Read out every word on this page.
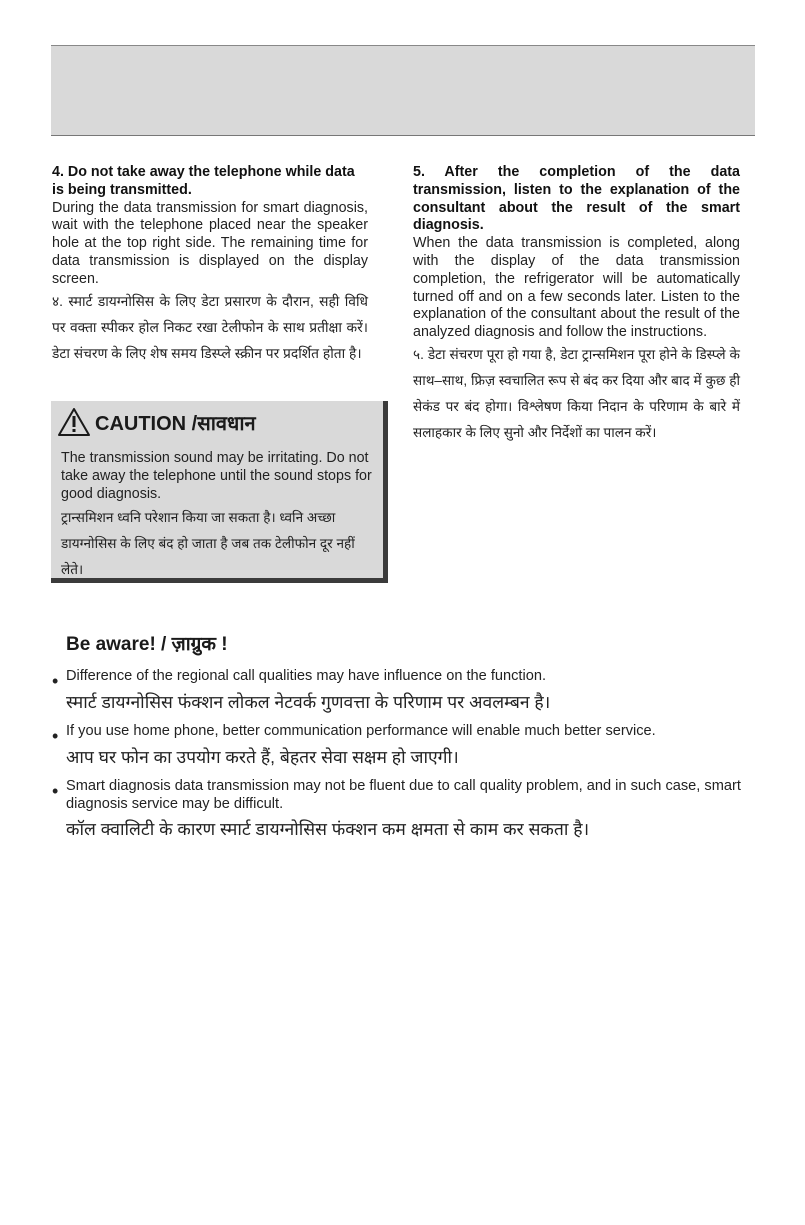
4. Do not take away the telephone while data is being transmitted.
During the data transmission for smart diagnosis, wait with the telephone placed near the speaker hole at the top right side. The remaining time for data transmission is displayed on the display screen.
४. स्मार्ट डायग्नोसिस के लिए डेटा प्रसारण के दौरान, सही विधि पर वक्ता स्पीकर होल निकट रखा टेलीफोन के साथ प्रतीक्षा करें। डेटा संचरण के लिए शेष समय डिस्प्ले स्क्रीन पर प्रदर्शित होता है।
5. After the completion of the data transmission, listen to the explanation of the consultant about the result of the smart diagnosis.
When the data transmission is completed, along with the display of the data transmission completion, the refrigerator will be automatically turned off and on a few seconds later. Listen to the explanation of the consultant about the result of the analyzed diagnosis and follow the instructions.
५. डेटा संचरण पूरा हो गया है, डेटा ट्रान्समिशन पूरा होने के डिस्प्ले के साथ–साथ, फ्रिज़ स्वचालित रूप से बंद कर दिया और बाद में कुछ ही सेकंड पर बंद होगा। विश्लेषण किया निदान के परिणाम के बारे में सलाहकार के लिए सुनो और निर्देशों का पालन करें।
CAUTION /सावधान
The transmission sound may be irritating. Do not take away the telephone until the sound stops for good diagnosis.
ट्रान्समिशन ध्वनि परेशान किया जा सकता है। ध्वनि अच्छा डायग्नोसिस के लिए बंद हो जाता है जब तक टेलीफोन दूर नहीं लेते।
Be aware! / ज़ाग्रुक !
• Difference of the regional call qualities may have influence on the function.
स्मार्ट डायग्नोसिस फंक्शन लोकल नेटवर्क गुणवत्ता के परिणाम पर अवलम्बन है।
• If you use home phone, better communication performance will enable much better service.
आप घर फोन का उपयोग करते हैं, बेहतर सेवा सक्षम हो जाएगी।
• Smart diagnosis data transmission may not be fluent due to call quality problem, and in such case, smart diagnosis service may be difficult.
कॉल क्वालिटी के कारण स्मार्ट डायग्नोसिस फंक्शन कम क्षमता से काम कर सकता है।
